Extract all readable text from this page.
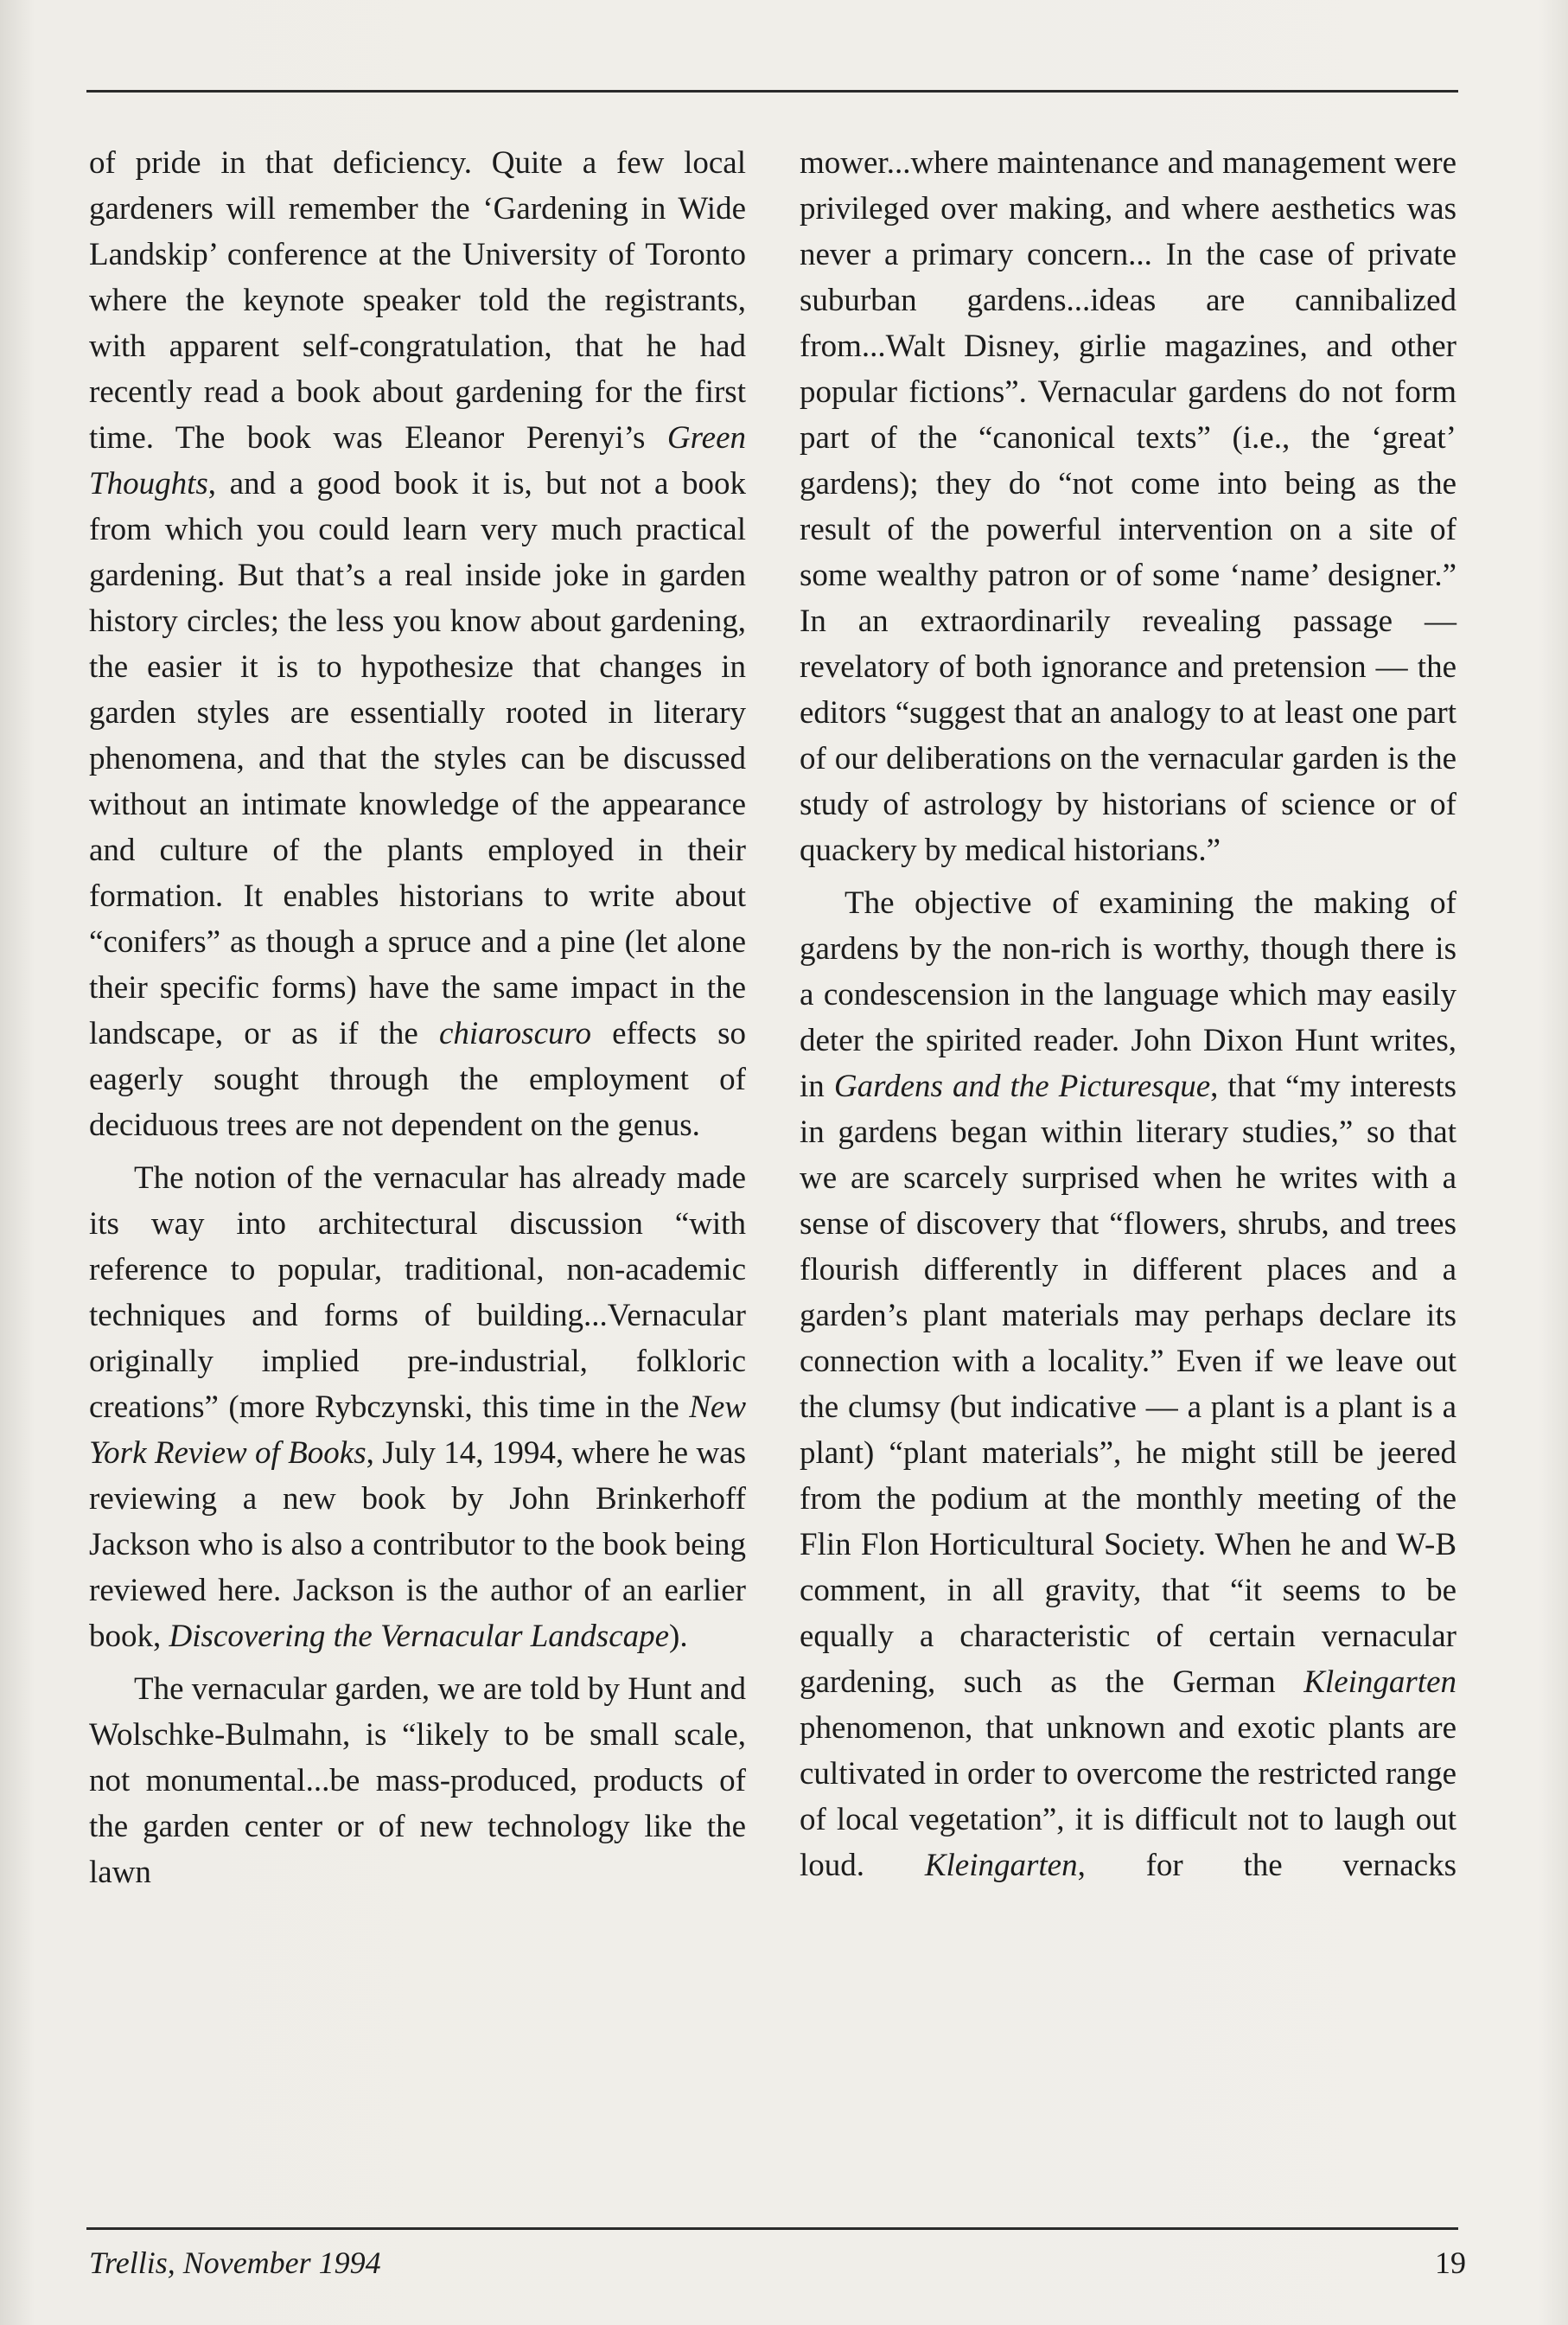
of pride in that deficiency. Quite a few local gardeners will remember the ‘Gardening in Wide Landskip’ conference at the University of Toronto where the keynote speaker told the registrants, with apparent self-congratulation, that he had recently read a book about gardening for the first time. The book was Eleanor Perenyi’s Green Thoughts, and a good book it is, but not a book from which you could learn very much practical gardening. But that’s a real inside joke in garden history circles; the less you know about gardening, the easier it is to hypothesize that changes in garden styles are essentially rooted in literary phenomena, and that the styles can be discussed without an intimate knowledge of the appearance and culture of the plants employed in their formation. It enables historians to write about “conifers” as though a spruce and a pine (let alone their specific forms) have the same impact in the landscape, or as if the chiaroscuro effects so eagerly sought through the employment of deciduous trees are not dependent on the genus.

The notion of the vernacular has already made its way into architectural discussion “with reference to popular, traditional, non-academic techniques and forms of building...Vernacular originally implied pre-industrial, folkloric creations” (more Rybczynski, this time in the New York Review of Books, July 14, 1994, where he was reviewing a new book by John Brinkerhoff Jackson who is also a contributor to the book being reviewed here. Jackson is the author of an earlier book, Discovering the Vernacular Landscape).

The vernacular garden, we are told by Hunt and Wolschke-Bulmahn, is “likely to be small scale, not monumental...be mass-produced, products of the garden center or of new technology like the lawn

mower...where maintenance and management were privileged over making, and where aesthetics was never a primary concern... In the case of private suburban gardens...ideas are cannibalized from...Walt Disney, girlie magazines, and other popular fictions”. Vernacular gardens do not form part of the “canonical texts” (i.e., the ‘great’ gardens); they do “not come into being as the result of the powerful intervention on a site of some wealthy patron or of some ‘name’ designer.” In an extraordinarily revealing passage — revelatory of both ignorance and pretension — the editors “suggest that an analogy to at least one part of our deliberations on the vernacular garden is the study of astrology by historians of science or of quackery by medical historians.”

The objective of examining the making of gardens by the non-rich is worthy, though there is a condescension in the language which may easily deter the spirited reader. John Dixon Hunt writes, in Gardens and the Picturesque, that “my interests in gardens began within literary studies,” so that we are scarcely surprised when he writes with a sense of discovery that “flowers, shrubs, and trees flourish differently in different places and a garden’s plant materials may perhaps declare its connection with a locality.” Even if we leave out the clumsy (but indicative — a plant is a plant is a plant) “plant materials”, he might still be jeered from the podium at the monthly meeting of the Flin Flon Horticultural Society. When he and W-B comment, in all gravity, that “it seems to be equally a characteristic of certain vernacular gardening, such as the German Kleingarten phenomenon, that unknown and exotic plants are cultivated in order to overcome the restricted range of local vegetation”, it is difficult not to laugh out loud. Kleingarten, for the vernacks

Trellis, November 1994	19
